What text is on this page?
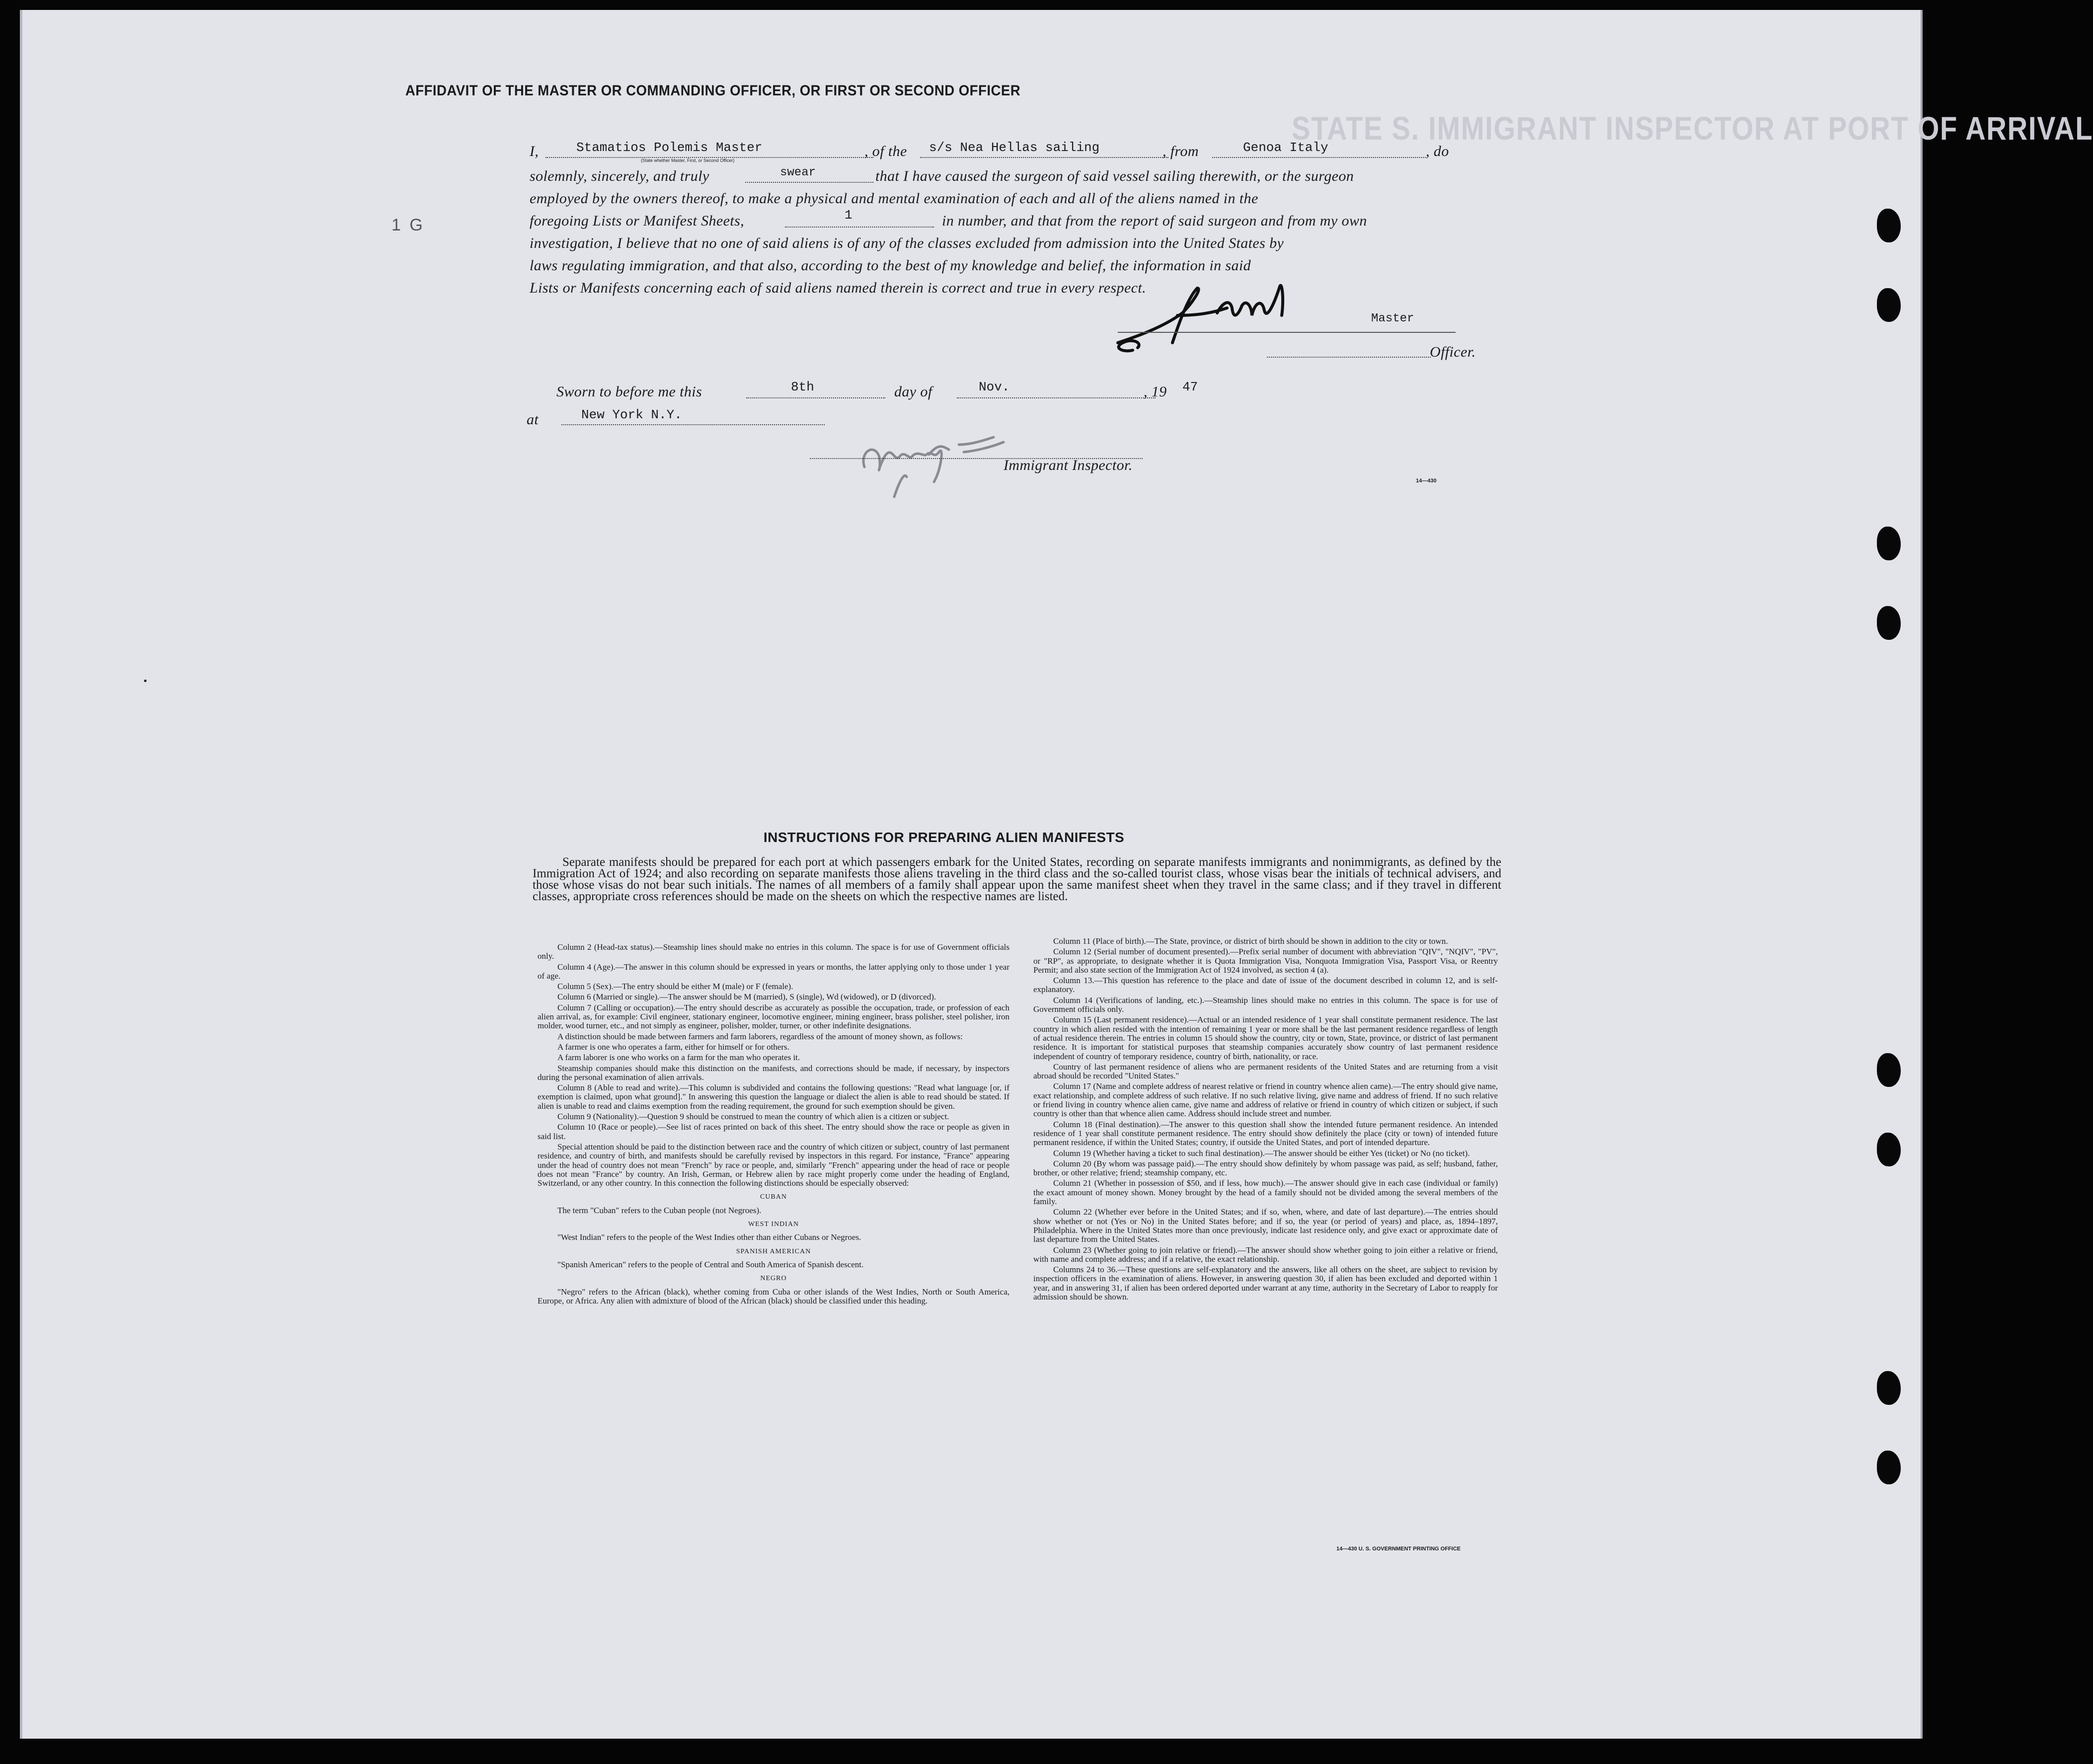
STATE S. IMMIGRANT INSPECTOR AT PORT OF ARRIVAL
1 G
AFFIDAVIT OF THE MASTER OR COMMANDING OFFICER, OR FIRST OR SECOND OFFICER
I,	Stamatios Polemis Master	, of the s/s Nea Hellas sailing	, from	Genoa Italy	, do
(State whether Master, First, or Second Officer)
solemnly, sincerely, and truly	swear	that I have caused the surgeon of said vessel sailing therewith, or the surgeon
employed by the owners thereof, to make a physical and mental examination of each and all of the aliens named in the
foregoing Lists or Manifest Sheets,	1	in number, and that from the report of said surgeon and from my own
investigation, I believe that no one of said aliens is of any of the classes excluded from admission into the United States by
laws regulating immigration, and that also, according to the best of my knowledge and belief, the information in said
Lists or Manifests concerning each of said aliens named therein is correct and true in every respect.
Master
Officer.
Sworn to before me this	8th	day of	Nov.	, 19 47
at	New York N.Y.
Immigrant Inspector.
14—430
INSTRUCTIONS FOR PREPARING ALIEN MANIFESTS
Separate manifests should be prepared for each port at which passengers embark for the United States, recording on separate manifests immigrants and nonimmigrants, as defined by the Immigration Act of 1924; and also recording on separate manifests those aliens traveling in the third class and the so-called tourist class, whose visas bear the initials of technical advisers, and those whose visas do not bear such initials. The names of all members of a family shall appear upon the same manifest sheet when they travel in the same class; and if they travel in different classes, appropriate cross references should be made on the sheets on which the respective names are listed.

Column 2 (Head-tax status).—Steamship lines should make no entries in this column. The space is for use of Government officials only.

Column 4 (Age).—The answer in this column should be expressed in years or months, the latter applying only to those under 1 year of age.

Column 5 (Sex).—The entry should be either M (male) or F (female).

Column 6 (Married or single).—The answer should be M (married), S (single), Wd (widowed), or D (divorced).

Column 7 (Calling or occupation).—The entry should describe as accurately as possible the occupation, trade, or profession of each alien arrival, as, for example: Civil engineer, stationary engineer, locomotive engineer, mining engineer, brass polisher, steel polisher, iron molder, wood turner, etc., and not simply as engineer, polisher, molder, turner, or other indefinite designations.

A distinction should be made between farmers and farm laborers, regardless of the amount of money shown, as follows:

A farmer is one who operates a farm, either for himself or for others.

A farm laborer is one who works on a farm for the man who operates it.

Steamship companies should make this distinction on the manifests, and corrections should be made, if necessary, by inspectors during the personal examination of alien arrivals.

Column 8 (Able to read and write).—This column is subdivided and contains the following questions: "Read what language [or, if exemption is claimed, upon what ground]." In answering this question the language or dialect the alien is able to read should be stated. If alien is unable to read and claims exemption from the reading requirement, the ground for such exemption should be given.

Column 9 (Nationality).—Question 9 should be construed to mean the country of which alien is a citizen or subject.

Column 10 (Race or people).—See list of races printed on back of this sheet. The entry should show the race or people as given in said list.

Special attention should be paid to the distinction between race and the country of which citizen or subject, country of last permanent residence, and country of birth, and manifests should be carefully revised by inspectors in this regard. For instance, "France" appearing under the head of country does not mean "French" by race or people, and, similarly "French" appearing under the head of race or people does not mean "France" by country. An Irish, German, or Hebrew alien by race might properly come under the heading of England, Switzerland, or any other country. In this connection the following distinctions should be especially observed:

CUBAN

The term "Cuban" refers to the Cuban people (not Negroes).

WEST INDIAN

"West Indian" refers to the people of the West Indies other than either Cubans or Negroes.

SPANISH AMERICAN

"Spanish American" refers to the people of Central and South America of Spanish descent.

NEGRO

"Negro" refers to the African (black), whether coming from Cuba or other islands of the West Indies, North or South America, Europe, or Africa. Any alien with admixture of blood of the African (black) should be classified under this heading.

Column 11 (Place of birth).—The State, province, or district of birth should be shown in addition to the city or town.

Column 12 (Serial number of document presented).—Prefix serial number of document with abbreviation "QIV", "NQIV", "PV", or "RP", as appropriate, to designate whether it is Quota Immigration Visa, Nonquota Immigration Visa, Passport Visa, or Reentry Permit; and also state section of the Immigration Act of 1924 involved, as section 4 (a).

Column 13.—This question has reference to the place and date of issue of the document described in column 12, and is self-explanatory.

Column 14 (Verifications of landing, etc.).—Steamship lines should make no entries in this column. The space is for use of Government officials only.

Column 15 (Last permanent residence).—Actual or an intended residence of 1 year shall constitute permanent residence. The last country in which alien resided with the intention of remaining 1 year or more shall be the last permanent residence regardless of length of actual residence therein. The entries in column 15 should show the country, city or town, State, province, or district of last permanent residence. It is important for statistical purposes that steamship companies accurately show country of last permanent residence independent of country of temporary residence, country of birth, nationality, or race.

Country of last permanent residence of aliens who are permanent residents of the United States and are returning from a visit abroad should be recorded "United States."

Column 17 (Name and complete address of nearest relative or friend in country whence alien came).—The entry should give name, exact relationship, and complete address of such relative. If no such relative living, give name and address of friend. If no such relative or friend living in country whence alien came, give name and address of relative or friend in country of which citizen or subject, if such country is other than that whence alien came. Address should include street and number.

Column 18 (Final destination).—The answer to this question shall show the intended future permanent residence. An intended residence of 1 year shall constitute permanent residence. The entry should show definitely the place (city or town) of intended future permanent residence, if within the United States; country, if outside the United States, and port of intended departure.

Column 19 (Whether having a ticket to such final destination).—The answer should be either Yes (ticket) or No (no ticket).

Column 20 (By whom was passage paid).—The entry should show definitely by whom passage was paid, as self; husband, father, brother, or other relative; friend; steamship company, etc.

Column 21 (Whether in possession of $50, and if less, how much).—The answer should give in each case (individual or family) the exact amount of money shown. Money brought by the head of a family should not be divided among the several members of the family.

Column 22 (Whether ever before in the United States; and if so, when, where, and date of last departure).—The entries should show whether or not (Yes or No) in the United States before; and if so, the year (or period of years) and place, as, 1894–1897, Philadelphia. Where in the United States more than once previously, indicate last residence only, and give exact or approximate date of last departure from the United States.

Column 23 (Whether going to join relative or friend).—The answer should show whether going to join either a relative or friend, with name and complete address; and if a relative, the exact relationship.

Columns 24 to 36.—These questions are self-explanatory and the answers, like all others on the sheet, are subject to revision by inspection officers in the examination of aliens. However, in answering question 30, if alien has been excluded and deported within 1 year, and in answering 31, if alien has been ordered deported under warrant at any time, authority in the Secretary of Labor to reapply for admission should be shown.

14—430 U. S. GOVERNMENT PRINTING OFFICE
